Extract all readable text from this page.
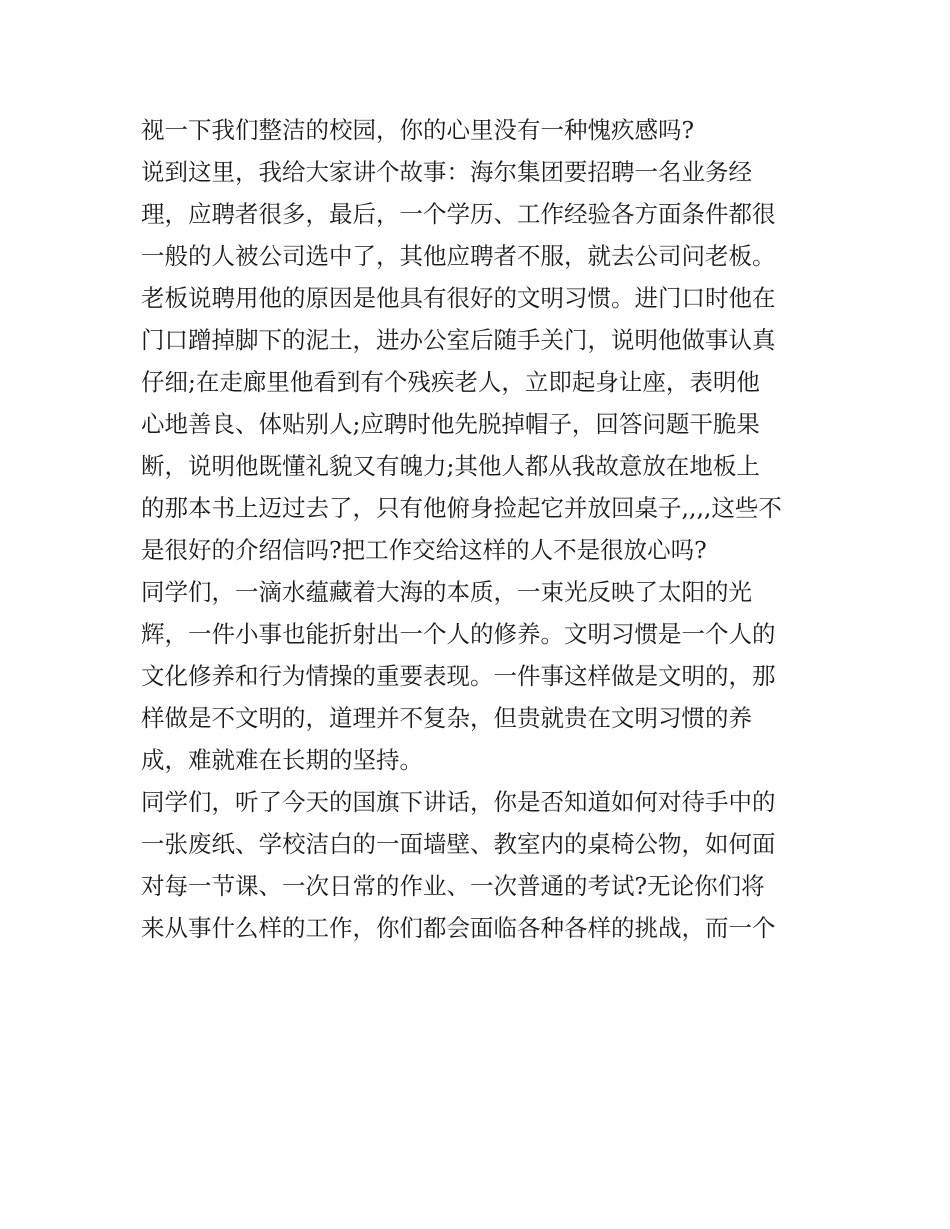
视一下我们整洁的校园，你的心里没有一种愧疚感吗?
说到这里，我给大家讲个故事：海尔集团要招聘一名业务经
理，应聘者很多，最后，一个学历、工作经验各方面条件都很
一般的人被公司选中了，其他应聘者不服，就去公司问老板。
老板说聘用他的原因是他具有很好的文明习惯。进门口时他在
门口蹭掉脚下的泥土，进办公室后随手关门，说明他做事认真
仔细;在走廊里他看到有个残疾老人，立即起身让座，表明他
心地善良、体贴别人;应聘时他先脱掉帽子，回答问题干脆果
断，说明他既懂礼貌又有魄力;其他人都从我故意放在地板上
的那本书上迈过去了，只有他俯身捡起它并放回桌子,,,,这些不
是很好的介绍信吗?把工作交给这样的人不是很放心吗?
同学们，一滴水蕴藏着大海的本质，一束光反映了太阳的光
辉，一件小事也能折射出一个人的修养。文明习惯是一个人的
文化修养和行为情操的重要表现。一件事这样做是文明的，那
样做是不文明的，道理并不复杂，但贵就贵在文明习惯的养
成，难就难在长期的坚持。
同学们，听了今天的国旗下讲话，你是否知道如何对待手中的
一张废纸、学校洁白的一面墙壁、教室内的桌椅公物，如何面
对每一节课、一次日常的作业、一次普通的考试?无论你们将
来从事什么样的工作，你们都会面临各种各样的挑战，而一个
